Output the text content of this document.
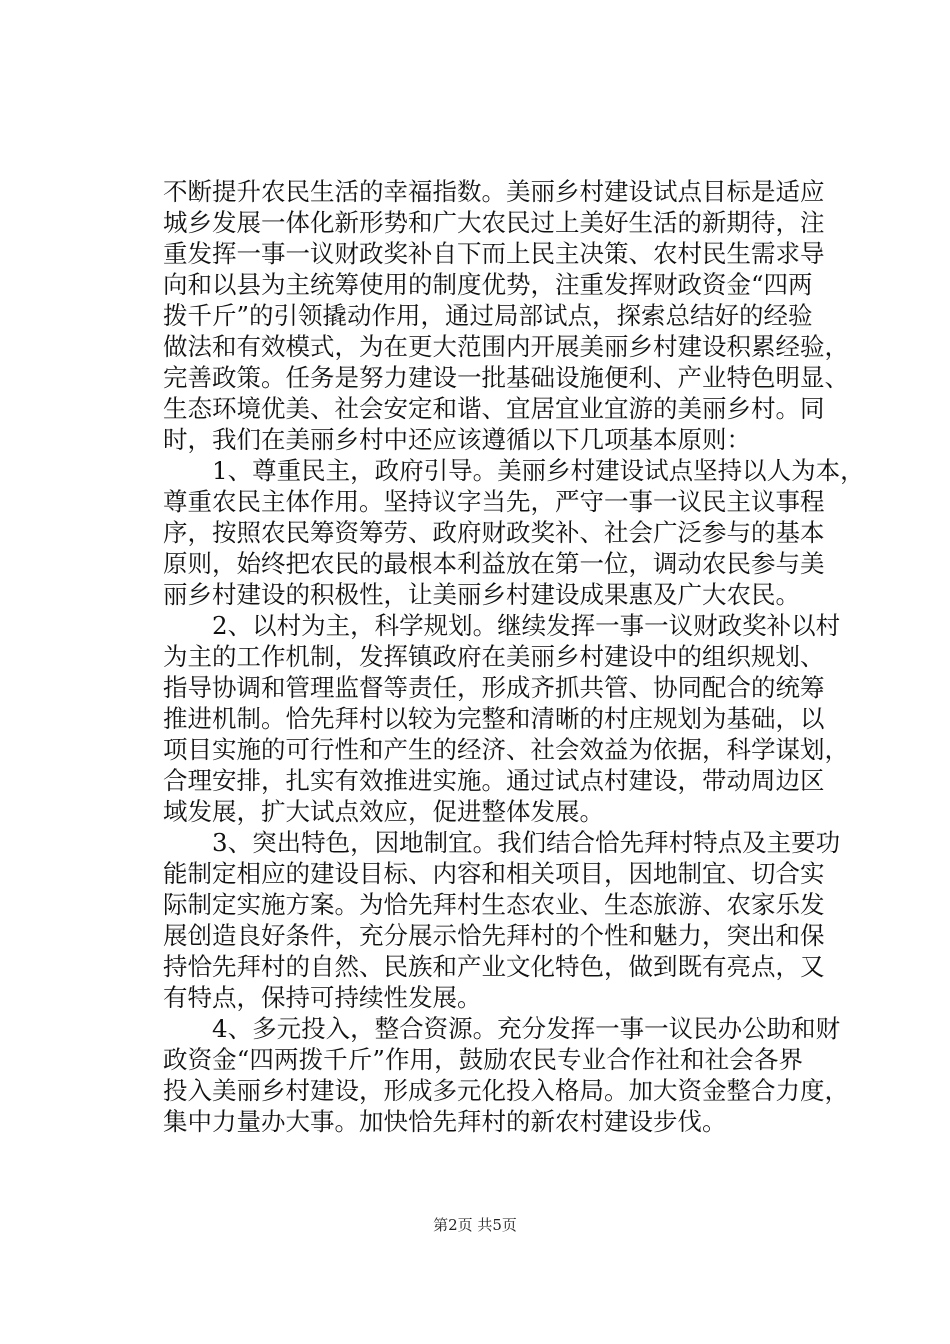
不断提升农民生活的幸福指数。美丽乡村建设试点目标是适应

城乡发展一体化新形势和广大农民过上美好生活的新期待，注

重发挥一事一议财政奖补自下而上民主决策、农村民生需求导

向和以县为主统筹使用的制度优势，注重发挥财政资金“四两

拨千斤”的引领撬动作用，通过局部试点，探索总结好的经验

做法和有效模式，为在更大范围内开展美丽乡村建设积累经验，

完善政策。任务是努力建设一批基础设施便利、产业特色明显、

生态环境优美、社会安定和谐、宜居宜业宜游的美丽乡村。同

时，我们在美丽乡村中还应该遵循以下几项基本原则：

1、尊重民主，政府引导。美丽乡村建设试点坚持以人为本，

尊重农民主体作用。坚持议字当先，严守一事一议民主议事程

序，按照农民筹资筹劳、政府财政奖补、社会广泛参与的基本

原则，始终把农民的最根本利益放在第一位，调动农民参与美

丽乡村建设的积极性，让美丽乡村建设成果惠及广大农民。

2、以村为主，科学规划。继续发挥一事一议财政奖补以村

为主的工作机制，发挥镇政府在美丽乡村建设中的组织规划、

指导协调和管理监督等责任，形成齐抓共管、协同配合的统筹

推进机制。恰先拜村以较为完整和清晰的村庄规划为基础，以

项目实施的可行性和产生的经济、社会效益为依据，科学谋划，

合理安排，扎实有效推进实施。通过试点村建设，带动周边区

域发展，扩大试点效应，促进整体发展。

3、突出特色，因地制宜。我们结合恰先拜村特点及主要功

能制定相应的建设目标、内容和相关项目，因地制宜、切合实

际制定实施方案。为恰先拜村生态农业、生态旅游、农家乐发

展创造良好条件，充分展示恰先拜村的个性和魅力，突出和保

持恰先拜村的自然、民族和产业文化特色，做到既有亮点，又

有特点，保持可持续性发展。

4、多元投入，整合资源。充分发挥一事一议民办公助和财

政资金“四两拨千斤”作用，鼓励农民专业合作社和社会各界

投入美丽乡村建设，形成多元化投入格局。加大资金整合力度，

集中力量办大事。加快恰先拜村的新农村建设步伐。

第2页 共5页
